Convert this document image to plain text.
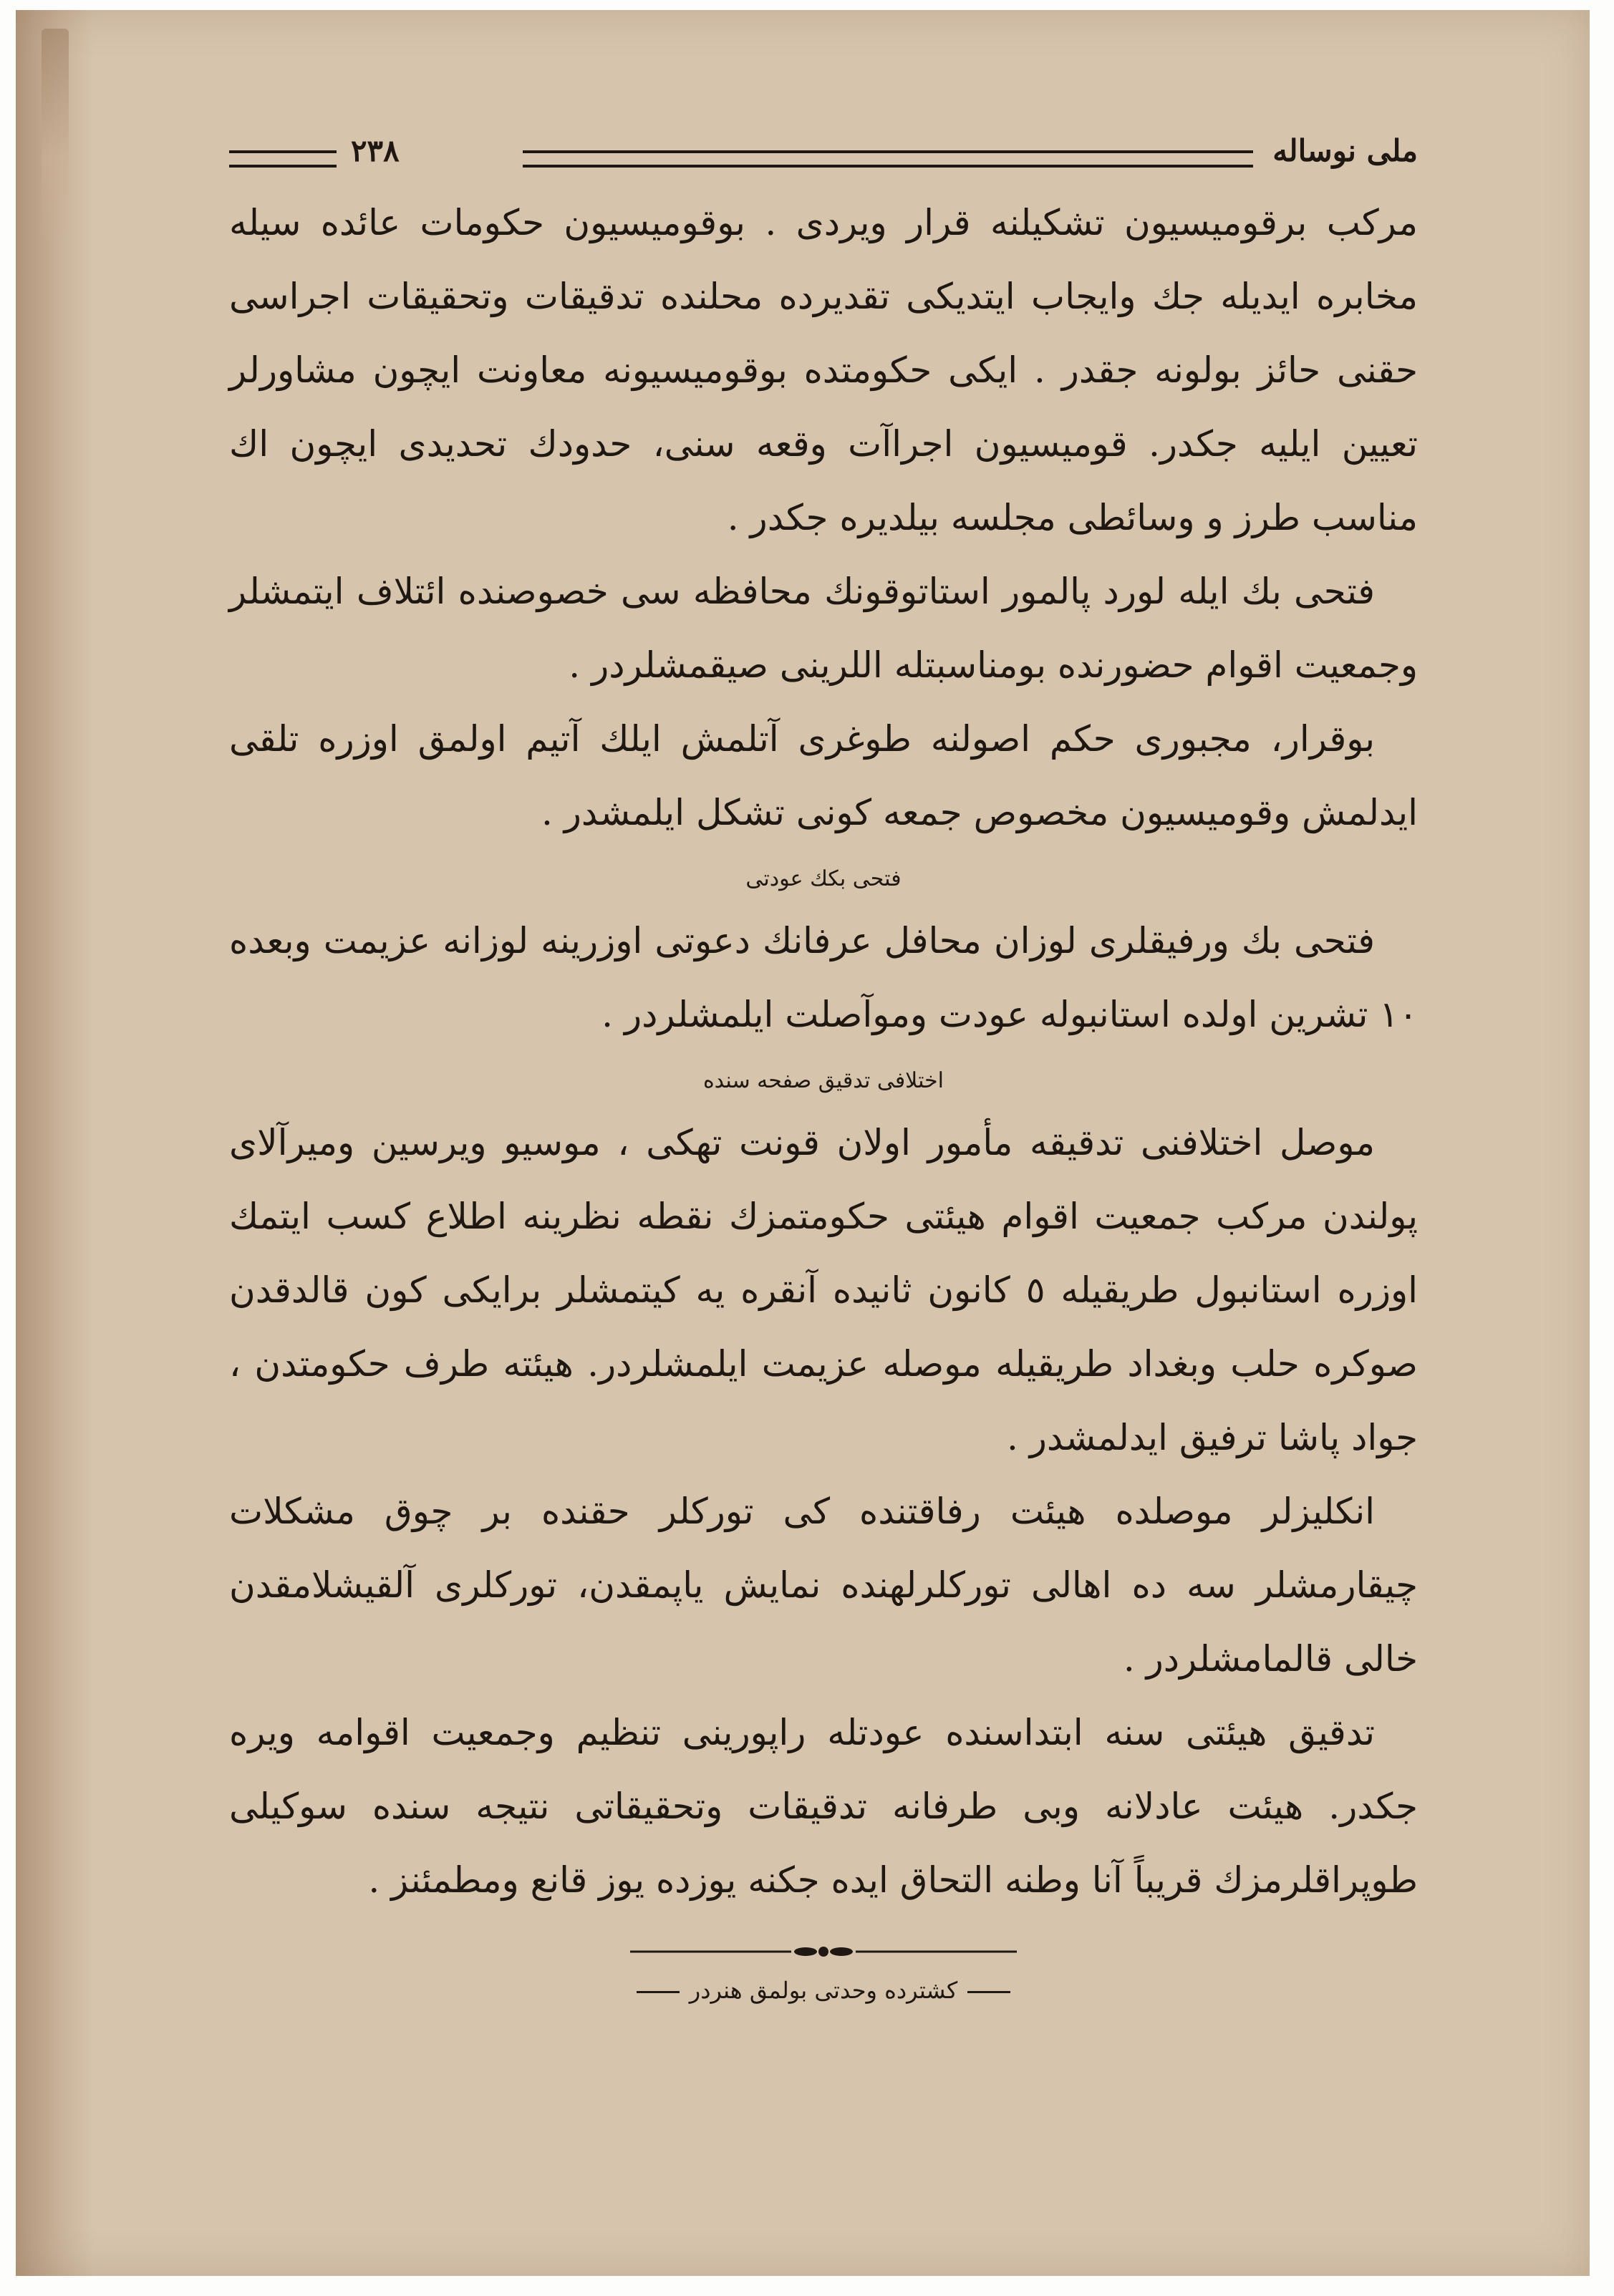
ملی نوساله
٢٣٨

مرکب برقومیسیون تشکیلنه قرار ویردی . بوقومیسیون حکومات عائده سیله مخابره ایدیله جك وایجاب ایتدیکی تقدیرده محلنده تدقیقات وتحقیقات اجراسی حقنی حائز بولونه جقدر . ایکی حکومتده بوقومیسیونه معاونت ایچون مشاورلر تعیین ایلیه جکدر. قومیسیون اجراآت وقعه سنی، حدودك تحدیدی ایچون اك مناسب طرز و وسائطی مجلسه بیلدیره جکدر .

فتحی بك ایله لورد پالمور استاتوقونك محافظه سی خصوصنده ائتلاف ایتمشلر وجمعیت اقوام حضورنده بومناسبتله اللرینی صیقمشلردر .

بوقرار، مجبوری حکم اصولنه طوغری آتلمش ایلك آتیم اولمق اوزره تلقی ایدلمش وقومیسیون مخصوص جمعه کونی تشکل ایلمشدر .

فتحی بکك عودتی

فتحی بك ورفیقلری لوزان محافل عرفانك دعوتی اوزرینه لوزانه عزیمت وبعده ١٠ تشرین اولده استانبوله عودت وموآصلت ایلمشلردر .

اختلافی تدقیق صفحه سنده

موصل اختلافنی تدقیقه مأمور اولان قونت تهکی ، موسیو ویرسین ومیرآلای پولندن مرکب جمعیت اقوام هیئتی حکومتمزك نقطه نظرینه اطلاع کسب ایتمك اوزره استانبول طریقیله ٥ کانون ثانیده آنقره یه کیتمشلر برایکی کون قالدقدن صوکره حلب وبغداد طریقیله موصله عزیمت ایلمشلردر. هیئته طرف حکومتدن ، جواد پاشا ترفیق ایدلمشدر .

انکلیزلر موصلده هیئت رفاقتنده کی تورکلر حقنده بر چوق مشکلات چیقارمشلر سه ده اهالی تورکلرلهنده نمایش یاپمقدن، تورکلری آلقیشلامقدن خالی قالمامشلردر .

تدقیق هیئتی سنه ابتداسنده عودتله راپورینی تنظیم وجمعیت اقوامه ویره جکدر. هیئت عادلانه وبی طرفانه تدقیقات وتحقیقاتی نتیجه سنده سوکیلی طوپراقلرمزك قریباً آنا وطنه التحاق ایده جکنه یوزده یوز قانع ومطمئنز .

كشترده وحدتی بولمق هنردر
